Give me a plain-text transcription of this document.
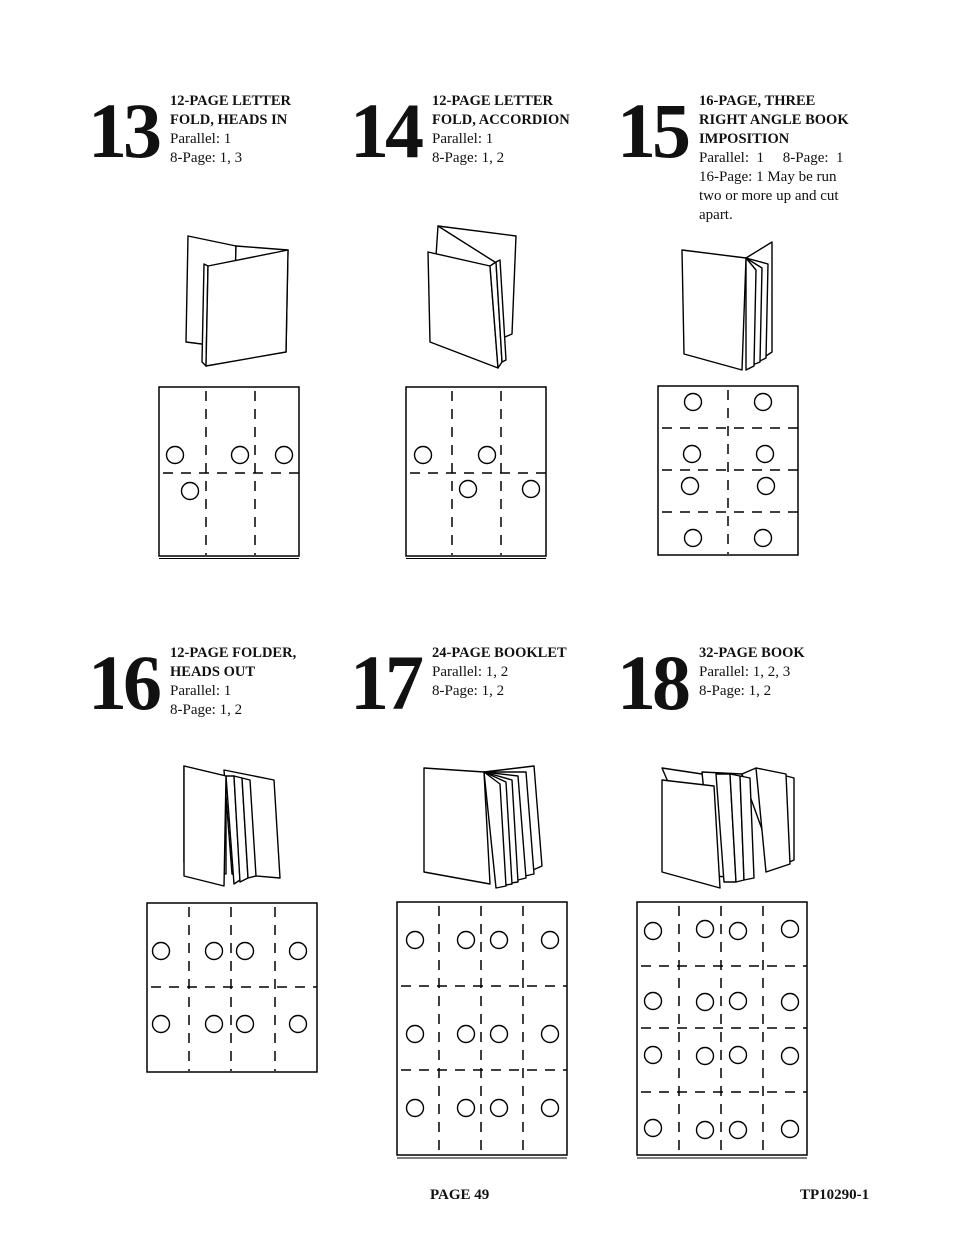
13 12-PAGE LETTER
FOLD, HEADS IN
Parallel: 1
8-Page: 1, 3	14 12-PAGE LETTER
FOLD, ACCORDION
Parallel: 1
8-Page: 1, 2	15 16-PAGE, THREE
RIGHT ANGLE BOOK
IMPOSITION
Parallel:  1     8-Page:  1
16-Page: 1 May be run
two or more up and cut
apart.
16 12-PAGE FOLDER,
HEADS OUT
Parallel: 1
8-Page: 1, 2	17 24-PAGE BOOKLET
Parallel: 1, 2
8-Page: 1, 2	18 32-PAGE BOOK
Parallel: 1, 2, 3
8-Page: 1, 2
PAGE 49	TP10290-1
